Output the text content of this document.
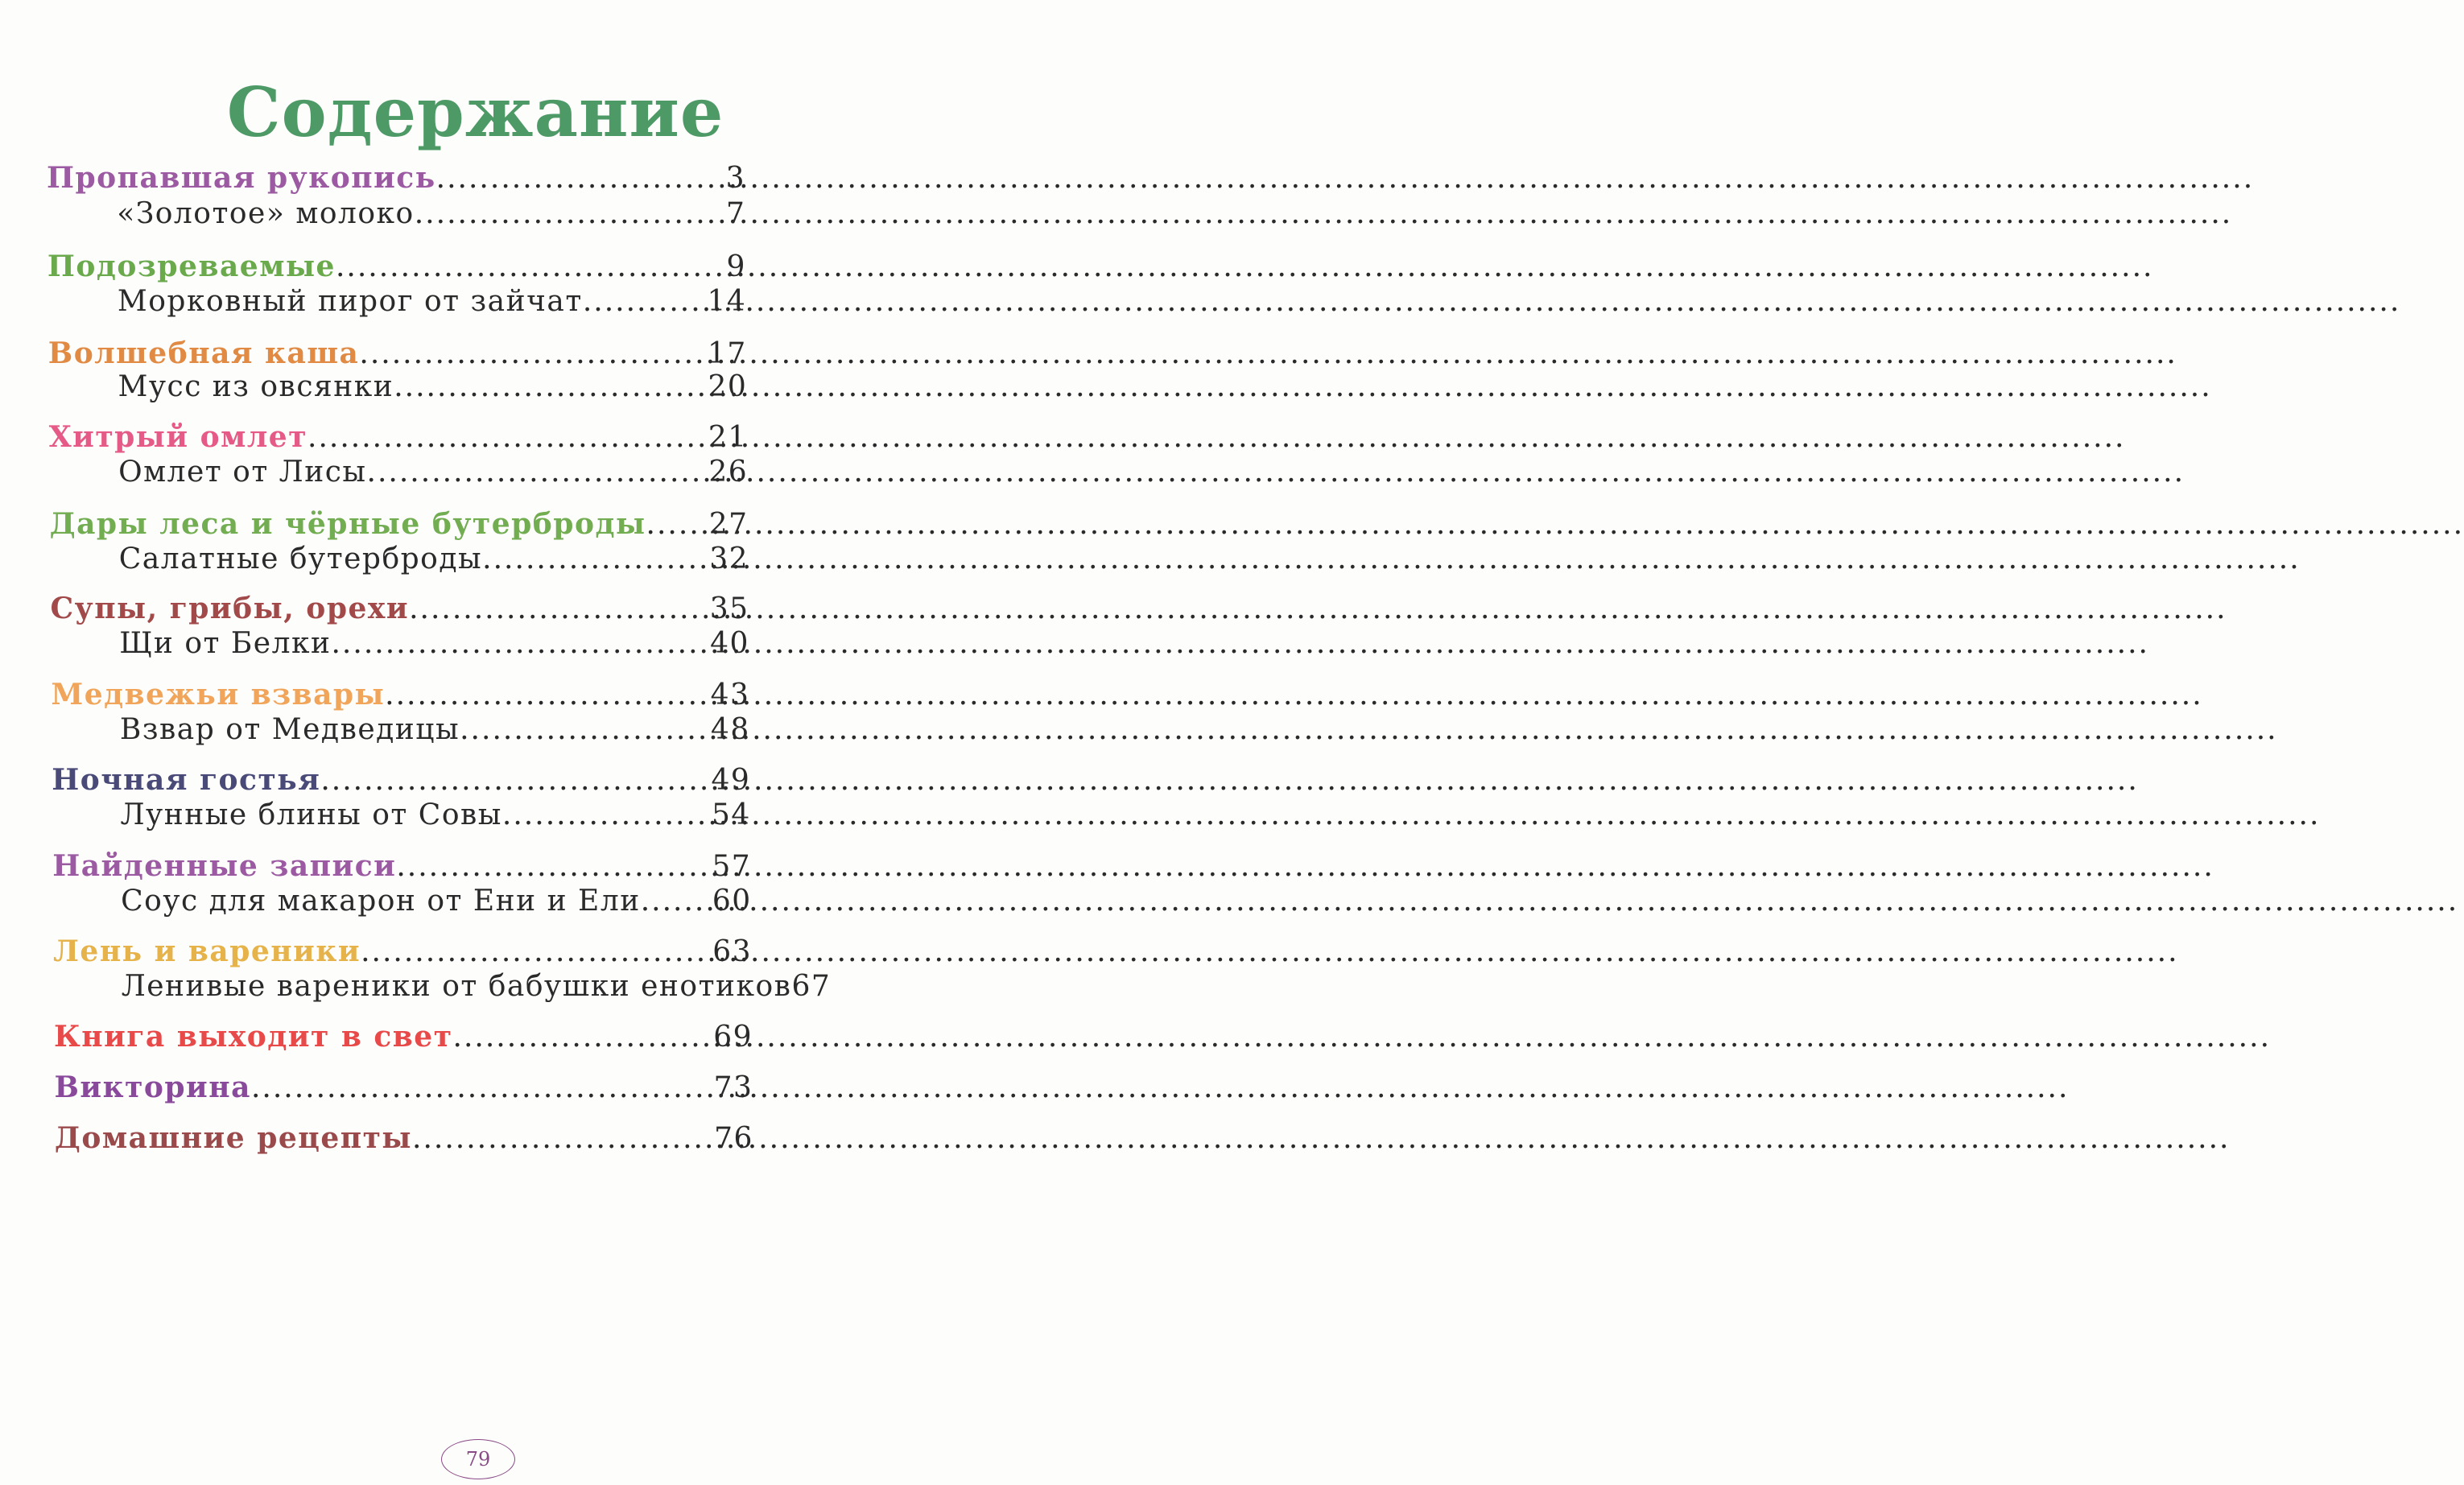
Содержание
Пропавшая рукопись .....	3
«Золотое» молоко .....	7
Подозреваемые .....	9
Морковный пирог от зайчат .....	14
Волшебная каша .....	17
Мусс из овсянки .....	20
Хитрый омлет .....	21
Омлет от Лисы .....	26
Дары леса и чёрные бутерброды ..... 27
Салатные бутерброды .....	32
Супы, грибы, орехи .....	35
Щи от Белки .....	40
Медвежьи взвары .....	43
Взвар от Медведицы .....	48
Ночная гостья .....	49
Лунные блины от Совы .....	54
Найденные записи .....	57
Соус для макарон от Ени и Ели ..... 60
Лень и вареники .....	63
Ленивые вареники от бабушки енотиков 67
Книга выходит в свет .....	69
Викторина .....	73
Домашние рецепты .....	76
79
